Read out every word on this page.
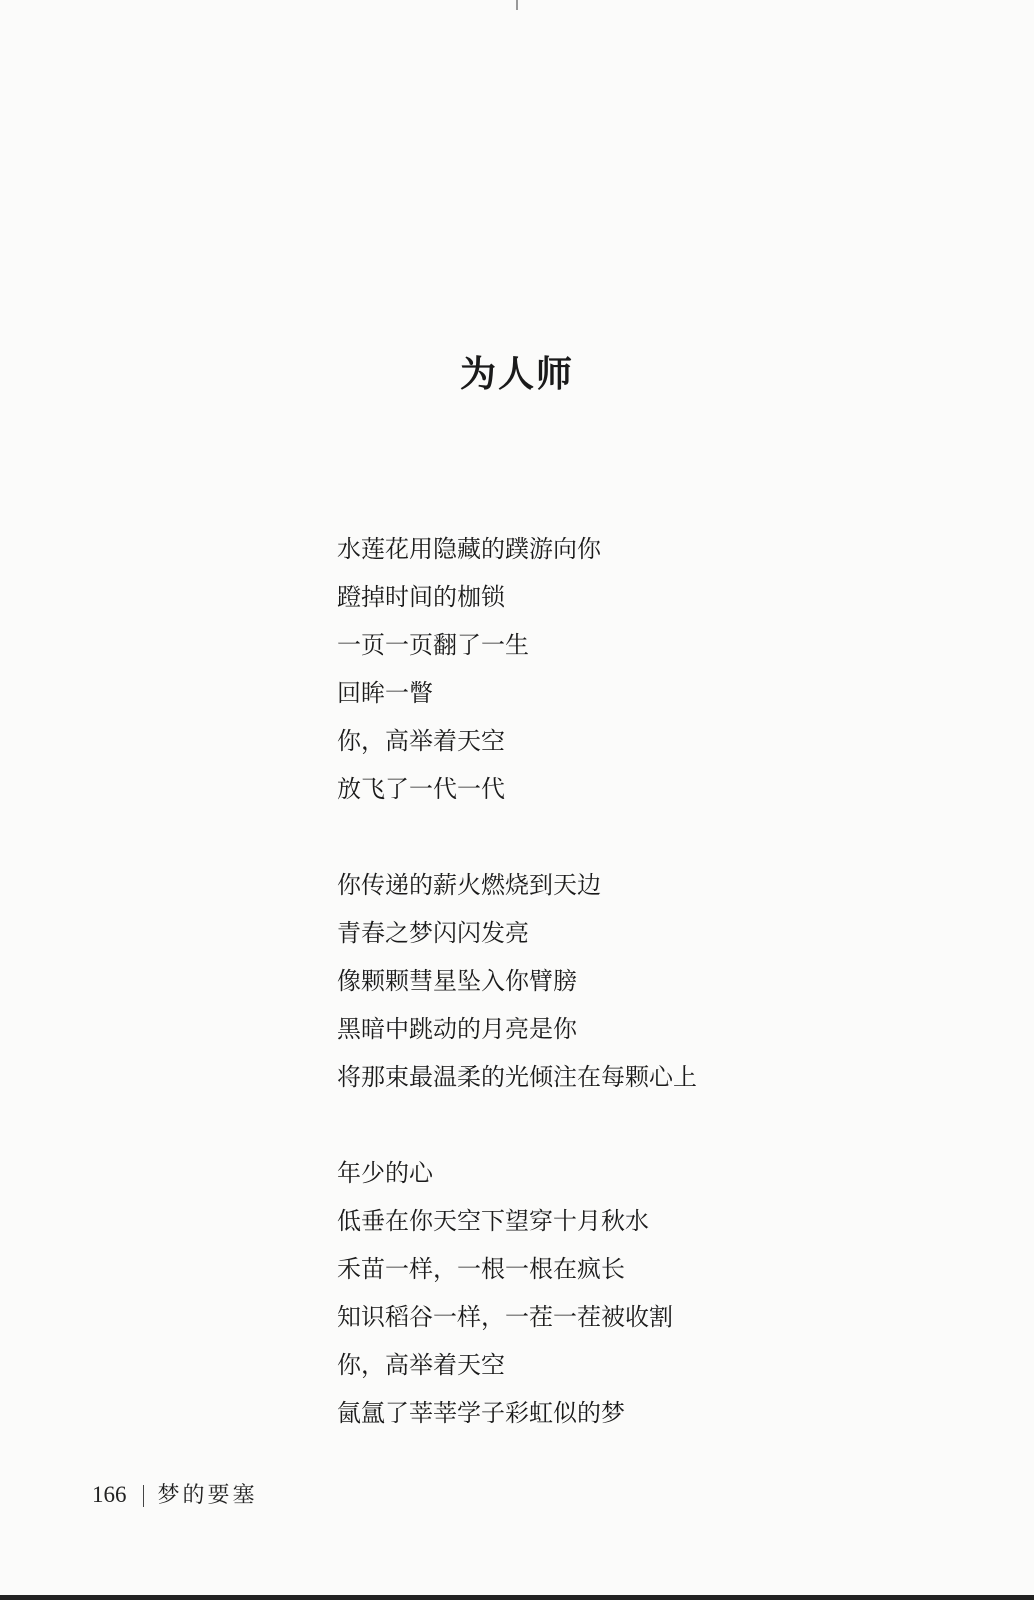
为人师
水莲花用隐藏的蹼游向你
蹬掉时间的枷锁
一页一页翻了一生
回眸一瞥
你，高举着天空
放飞了一代一代
你传递的薪火燃烧到天边
青春之梦闪闪发亮
像颗颗彗星坠入你臂膀
黑暗中跳动的月亮是你
将那束最温柔的光倾注在每颗心上
年少的心
低垂在你天空下望穿十月秋水
禾苗一样，一根一根在疯长
知识稻谷一样，一茬一茬被收割
你，高举着天空
氤氲了莘莘学子彩虹似的梦
166 梦的要塞
